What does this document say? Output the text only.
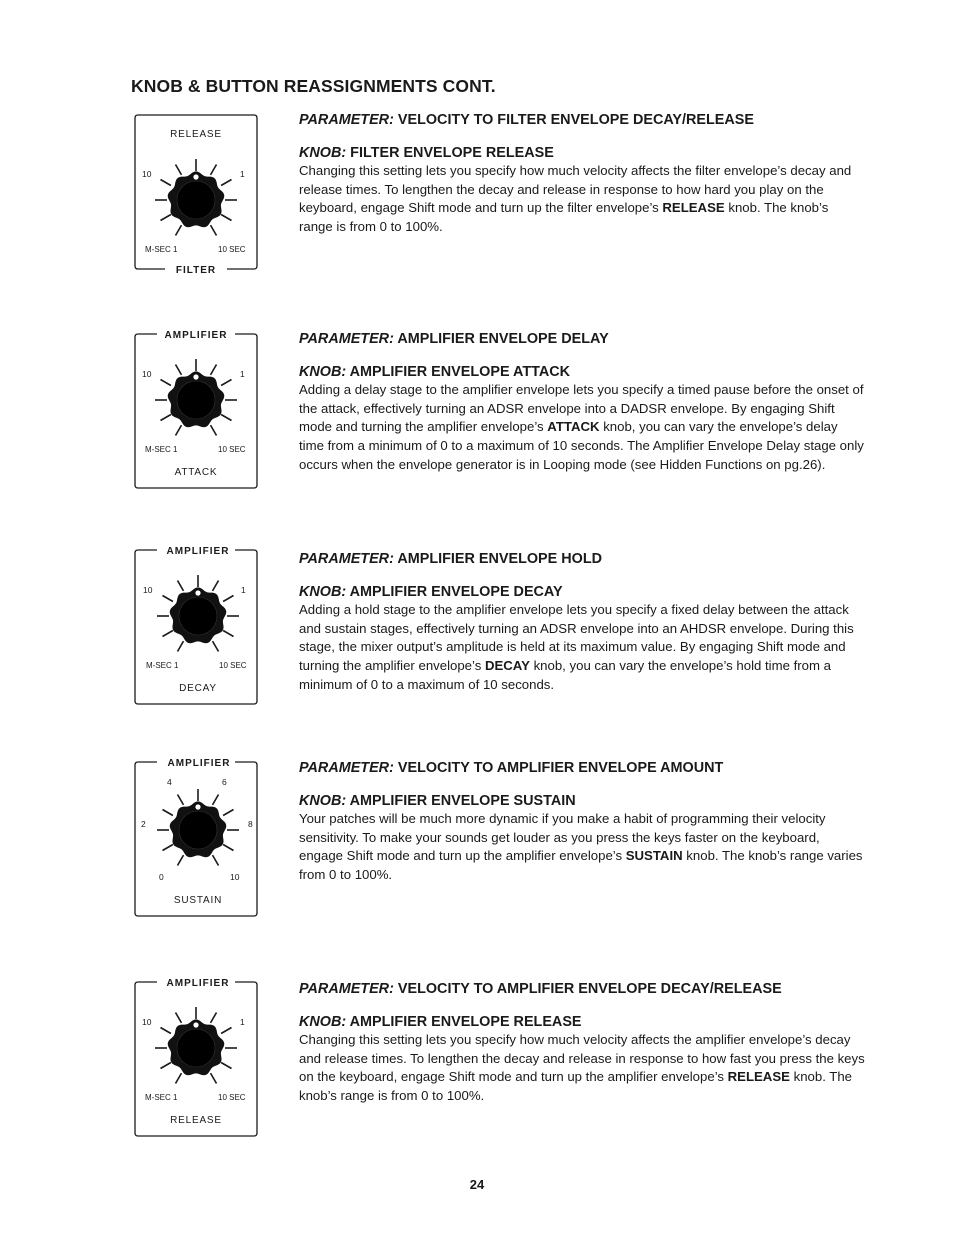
KNOB & BUTTON REASSIGNMENTS CONT.
RELEASE
FILTER
10	1
M-SEC 1	10 SEC

PARAMETER: VELOCITY TO FILTER ENVELOPE DECAY/RELEASE

KNOB: FILTER ENVELOPE RELEASE

Changing this setting lets you specify how much velocity affects the filter envelope’s decay and release times. To lengthen the decay and release in response to how hard you play on the keyboard, engage Shift mode and turn up the filter envelope’s RELEASE knob. The knob’s range is from 0 to 100%.

AMPLIFIER
10	1
M-SEC 1	10 SEC
ATTACK

PARAMETER: AMPLIFIER ENVELOPE DELAY

KNOB: AMPLIFIER ENVELOPE ATTACK

Adding a delay stage to the amplifier envelope lets you specify a timed pause before the onset of the attack, effectively turning an ADSR envelope into a DADSR envelope. By engaging Shift mode and turning the amplifier envelope’s ATTACK knob, you can vary the envelope’s delay time from a minimum of 0 to a maximum of 10 seconds. The Amplifier Envelope Delay stage only occurs when the envelope generator is in Looping mode (see Hidden Functions on pg.26).

AMPLIFIER
10	1
M-SEC 1	10 SEC
DECAY

PARAMETER: AMPLIFIER ENVELOPE HOLD

KNOB: AMPLIFIER ENVELOPE DECAY

Adding a hold stage to the amplifier envelope lets you specify a fixed delay between the attack and sustain stages, effectively turning an ADSR envelope into an AHDSR envelope. During this stage, the mixer output’s amplitude is held at its maximum value. By engaging Shift mode and turning the amplifier envelope’s DECAY knob, you can vary the envelope’s hold time from a minimum of 0 to a maximum of 10 seconds.

AMPLIFIER
4	6
2	8
0	10
SUSTAIN

PARAMETER: VELOCITY TO AMPLIFIER ENVELOPE AMOUNT

KNOB: AMPLIFIER ENVELOPE SUSTAIN

Your patches will be much more dynamic if you make a habit of programming their velocity sensitivity. To make your sounds get louder as you press the keys faster on the keyboard, engage Shift mode and turn up the amplifier envelope’s SUSTAIN knob. The knob’s range varies from 0 to 100%.

AMPLIFIER
10	1
M-SEC 1	10 SEC
RELEASE

PARAMETER: VELOCITY TO AMPLIFIER ENVELOPE DECAY/RELEASE

KNOB: AMPLIFIER ENVELOPE RELEASE

Changing this setting lets you specify how much velocity affects the amplifier envelope’s decay and release times. To lengthen the decay and release in response to how fast you press the keys on the keyboard, engage Shift mode and turn up the amplifier envelope’s RELEASE knob. The knob’s range is from 0 to 100%.

24
